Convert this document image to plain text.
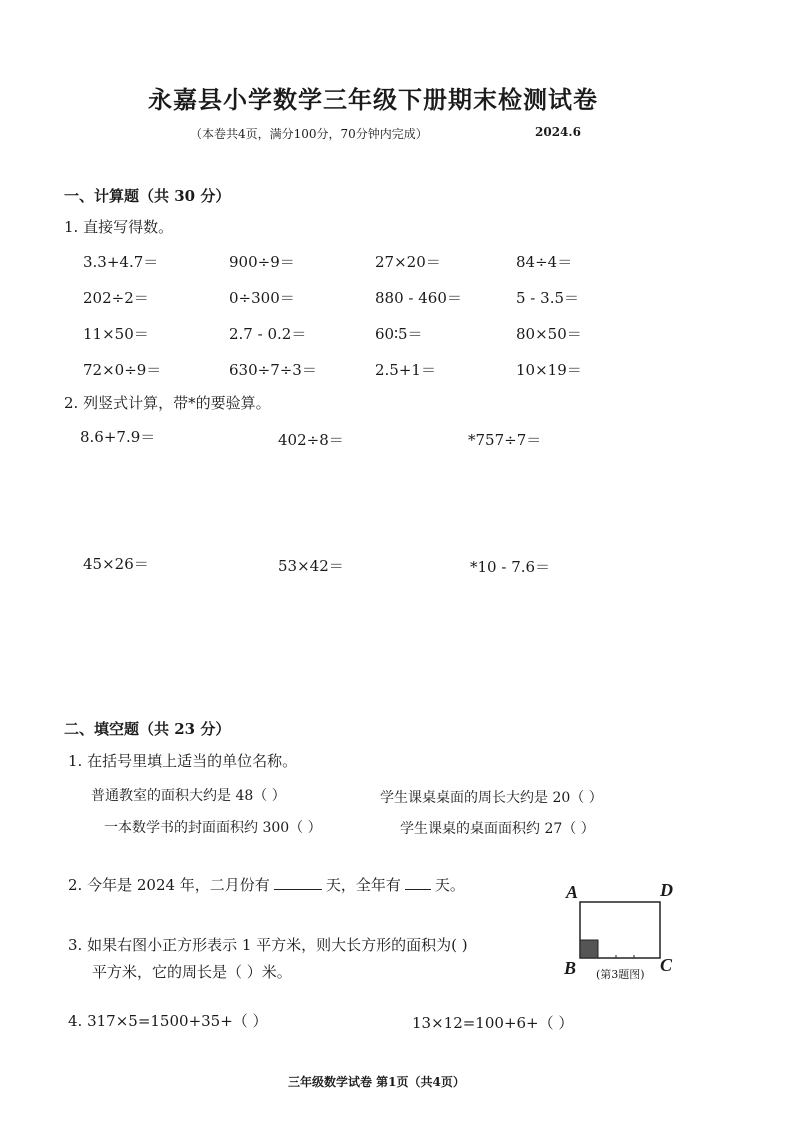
永嘉县小学数学三年级下册期末检测试卷
（本卷共4页，满分100分，70分钟内完成）	2024.6
一、计算题（共 30 分）
1. 直接写得数。
3.3+4.7＝	900÷9＝	27×20＝	84÷4＝
202÷2＝	0÷300＝	880 - 460＝	5 - 3.5＝
11×50＝	2.7 - 0.2＝	60∶5＝	80×50＝
72×0÷9＝	630÷7÷3＝	2.5+1＝	10×19＝
2. 列竖式计算，带*的要验算。
8.6+7.9＝	402÷8＝	*757÷7＝
45×26＝	53×42＝	*10 - 7.6＝
二、填空题（共 23 分）
1. 在括号里填上适当的单位名称。
普通教室的面积大约是 48（ ）	学生课桌桌面的周长大约是 20（ ）
一本数学书的封面面积约 300（ ）	学生课桌的桌面面积约 27（ ）
2. 今年是 2024 年，二月份有	天，全年有 天。
3. 如果右图小正方形表示 1 平方米，则大长方形的面积为( )
平方米，它的周长是（ ）米。
4. 317×5=1500+35+（ ）	13×12=100+6+（ ）
A	D
B	C
(第3题图)
三年级数学试卷 第1页（共4页）
